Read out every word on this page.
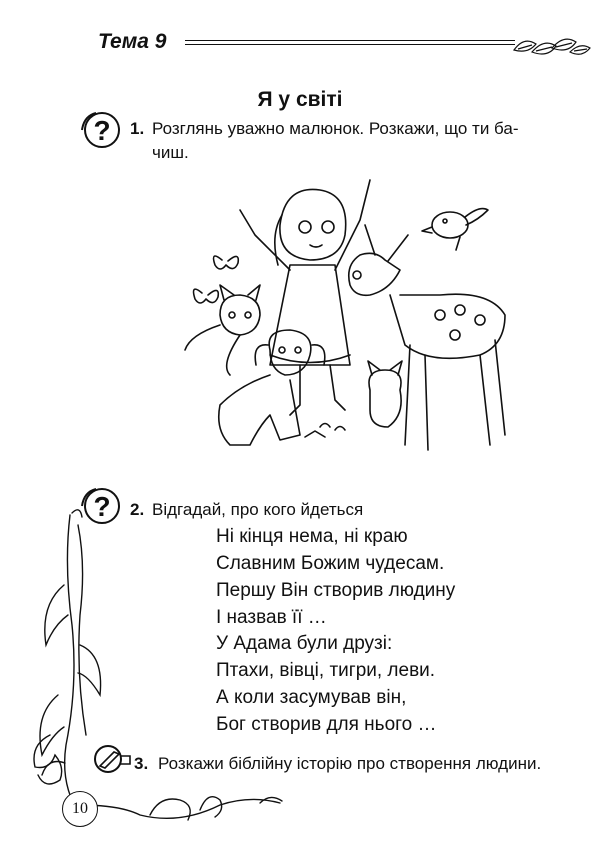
Тема 9
Я у світі
? 1. Розглянь уважно малюнок. Розкажи, що ти ба-
чиш.
? 2. Відгадай, про кого йдеться
Ні кінця нема, ні краю
Славним Божим чудесам.
Першу Він створив людину
І назвав її …
У Адама були друзі:
Птахи, вівці, тигри, леви.
А коли засумував він,
Бог створив для нього …
3. Розкажи біблійну історію про створення людини.
10
